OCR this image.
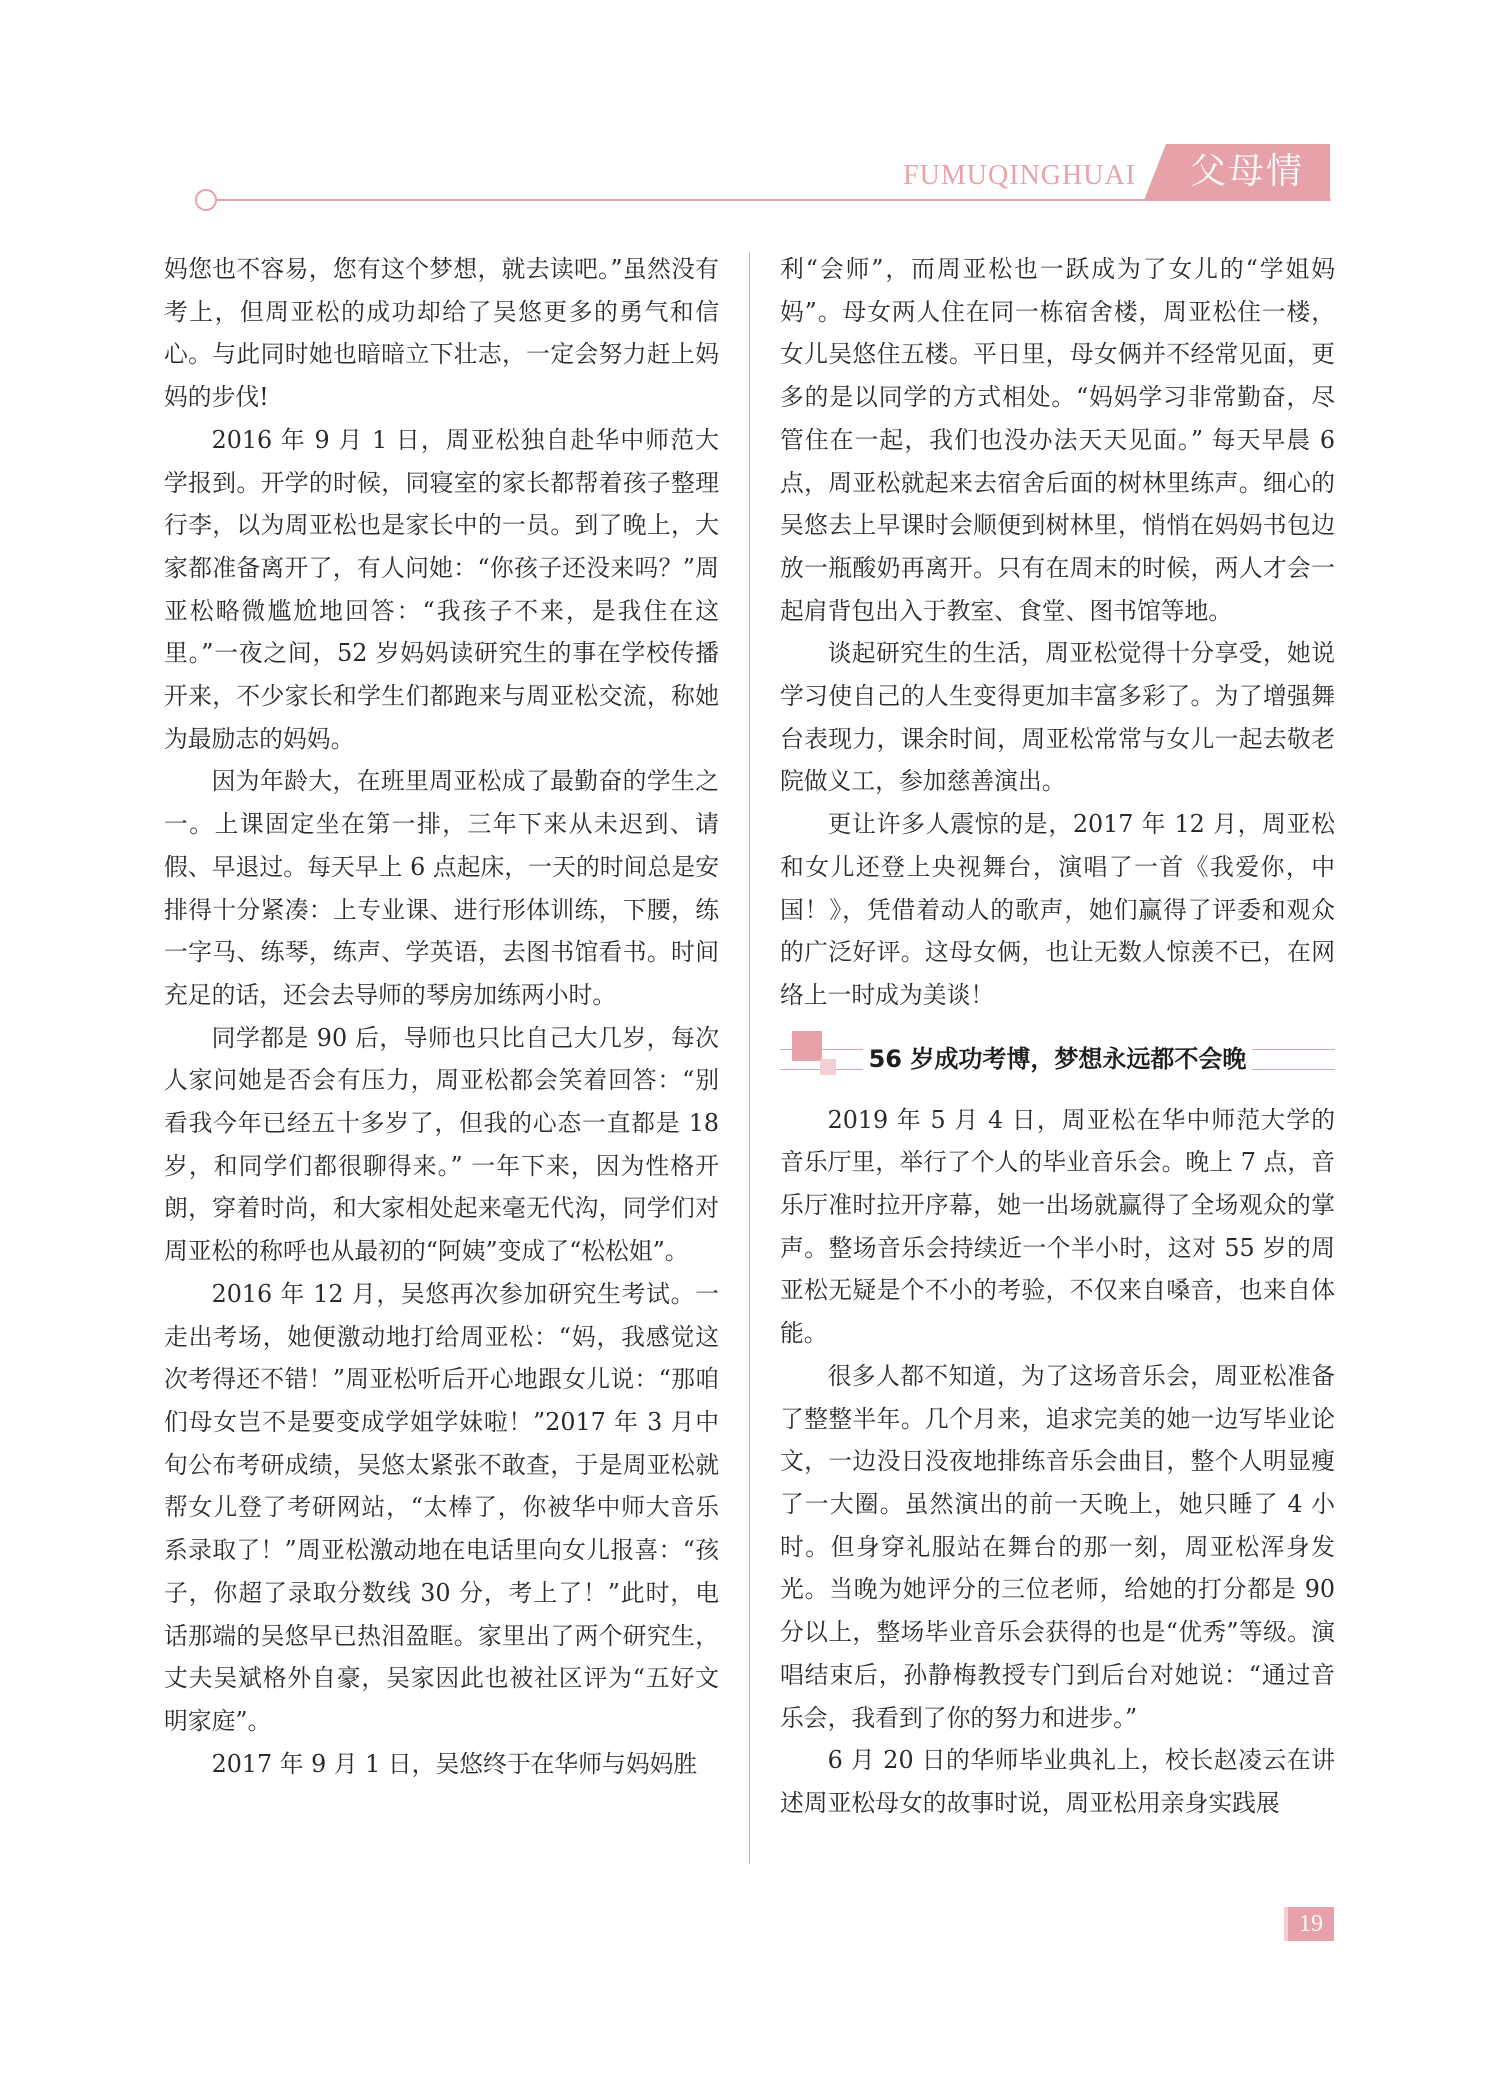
FUMUQINGHUAI	父母情怀

妈您也不容易，您有这个梦想，就去读吧。”虽然没有考上，但周亚松的成功却给了吴悠更多的勇气和信心。与此同时她也暗暗立下壮志，一定会努力赶上妈妈的步伐!

2016 年 9 月 1 日，周亚松独自赴华中师范大学报到。开学的时候，同寝室的家长都帮着孩子整理行李，以为周亚松也是家长中的一员。到了晚上，大家都准备离开了，有人问她：“你孩子还没来吗？”周亚松略微尴尬地回答：“我孩子不来，是我住在这里。”一夜之间，52 岁妈妈读研究生的事在学校传播开来，不少家长和学生们都跑来与周亚松交流，称她为最励志的妈妈。

因为年龄大，在班里周亚松成了最勤奋的学生之一。上课固定坐在第一排，三年下来从未迟到、请假、早退过。每天早上 6 点起床，一天的时间总是安排得十分紧凑：上专业课、进行形体训练，下腰，练一字马、练琴，练声、学英语，去图书馆看书。时间充足的话，还会去导师的琴房加练两小时。

同学都是 90 后，导师也只比自己大几岁，每次人家问她是否会有压力，周亚松都会笑着回答：“别看我今年已经五十多岁了，但我的心态一直都是 18 岁，和同学们都很聊得来。” 一年下来，因为性格开朗，穿着时尚，和大家相处起来毫无代沟，同学们对周亚松的称呼也从最初的“阿姨”变成了“松松姐”。

2016 年 12 月，吴悠再次参加研究生考试。一走出考场，她便激动地打给周亚松：“妈，我感觉这次考得还不错！”周亚松听后开心地跟女儿说：“那咱们母女岂不是要变成学姐学妹啦！”2017 年 3 月中旬公布考研成绩，吴悠太紧张不敢查，于是周亚松就帮女儿登了考研网站，“太棒了，你被华中师大音乐系录取了！”周亚松激动地在电话里向女儿报喜：“孩子，你超了录取分数线 30 分，考上了！”此时，电话那端的吴悠早已热泪盈眶。家里出了两个研究生，丈夫吴斌格外自豪，吴家因此也被社区评为“五好文明家庭”。

2017 年 9 月 1 日，吴悠终于在华师与妈妈胜

利“会师”，而周亚松也一跃成为了女儿的“学姐妈妈”。母女两人住在同一栋宿舍楼，周亚松住一楼，女儿吴悠住五楼。平日里，母女俩并不经常见面，更多的是以同学的方式相处。“妈妈学习非常勤奋，尽管住在一起，我们也没办法天天见面。” 每天早晨 6 点，周亚松就起来去宿舍后面的树林里练声。细心的吴悠去上早课时会顺便到树林里，悄悄在妈妈书包边放一瓶酸奶再离开。只有在周末的时候，两人才会一起肩背包出入于教室、食堂、图书馆等地。

谈起研究生的生活，周亚松觉得十分享受，她说学习使自己的人生变得更加丰富多彩了。为了增强舞台表现力，课余时间，周亚松常常与女儿一起去敬老院做义工，参加慈善演出。

更让许多人震惊的是，2017 年 12 月，周亚松和女儿还登上央视舞台，演唱了一首《我爱你，中国！》，凭借着动人的歌声，她们赢得了评委和观众的广泛好评。这母女俩，也让无数人惊羡不已，在网络上一时成为美谈！

56 岁成功考博，梦想永远都不会晚

2019 年 5 月 4 日，周亚松在华中师范大学的音乐厅里，举行了个人的毕业音乐会。晚上 7 点，音乐厅准时拉开序幕，她一出场就赢得了全场观众的掌声。整场音乐会持续近一个半小时，这对 55 岁的周亚松无疑是个不小的考验，不仅来自嗓音，也来自体能。

很多人都不知道，为了这场音乐会，周亚松准备了整整半年。几个月来，追求完美的她一边写毕业论文，一边没日没夜地排练音乐会曲目，整个人明显瘦了一大圈。虽然演出的前一天晚上，她只睡了 4 小时。但身穿礼服站在舞台的那一刻，周亚松浑身发光。当晚为她评分的三位老师，给她的打分都是 90 分以上，整场毕业音乐会获得的也是“优秀”等级。演唱结束后，孙静梅教授专门到后台对她说：“通过音乐会，我看到了你的努力和进步。”

6 月 20 日的华师毕业典礼上，校长赵凌云在讲述周亚松母女的故事时说，周亚松用亲身实践展

19
